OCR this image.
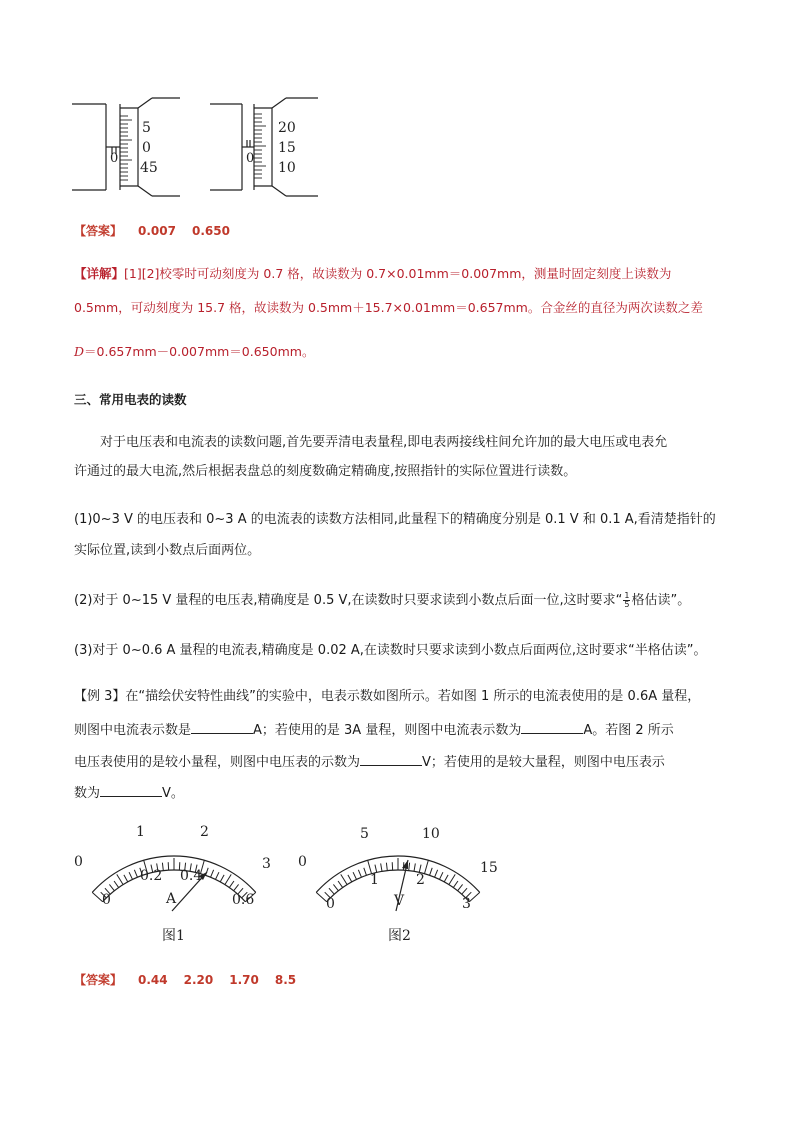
5
0
45
0
20
15
10
0
【答案】 0.007 0.650
【详解】[1][2]校零时可动刻度为 0.7 格，故读数为 0.7×0.01mm＝0.007mm，测量时固定刻度上读数为
0.5mm，可动刻度为 15.7 格，故读数为 0.5mm＋15.7×0.01mm＝0.657mm。合金丝的直径为两次读数之差
D＝0.657mm－0.007mm＝0.650mm。
三、常用电表的读数
对于电压表和电流表的读数问题,首先要弄清电表量程,即电表两接线柱间允许加的最大电压或电表允
许通过的最大电流,然后根据表盘总的刻度数确定精确度,按照指针的实际位置进行读数。
(1)0~3 V 的电压表和 0~3 A 的电流表的读数方法相同,此量程下的精确度分别是 0.1 V 和 0.1 A,看清楚指针的
实际位置,读到小数点后面两位。
(2)对于 0~15 V 量程的电压表,精确度是 0.5 V,在读数时只要求读到小数点后面一位,这时要求“ $\frac{1}{5}$ 格估读”。
(3)对于 0~0.6 A 量程的电流表,精确度是 0.02 A,在读数时只要求读到小数点后面两位,这时要求“半格估读”。
【例 3】在“描绘伏安特性曲线”的实验中，电表示数如图所示。若如图 1 所示的电流表使用的是 0.6A 量程，
则图中电流表示数是	A；若使用的是 3A 量程，则图中电流表示数为	A。若图 2 所示
电压表使用的是较小量程，则图中电压表的示数为	V；若使用的是较大量程，则图中电压表示
数为	V。
0
1	2
3
0
0.2 0.4
0.6
A
图1
0
5	10
15
0
1	2
3
V
图2
【答案】 0.44 2.20 1.70 8.5
